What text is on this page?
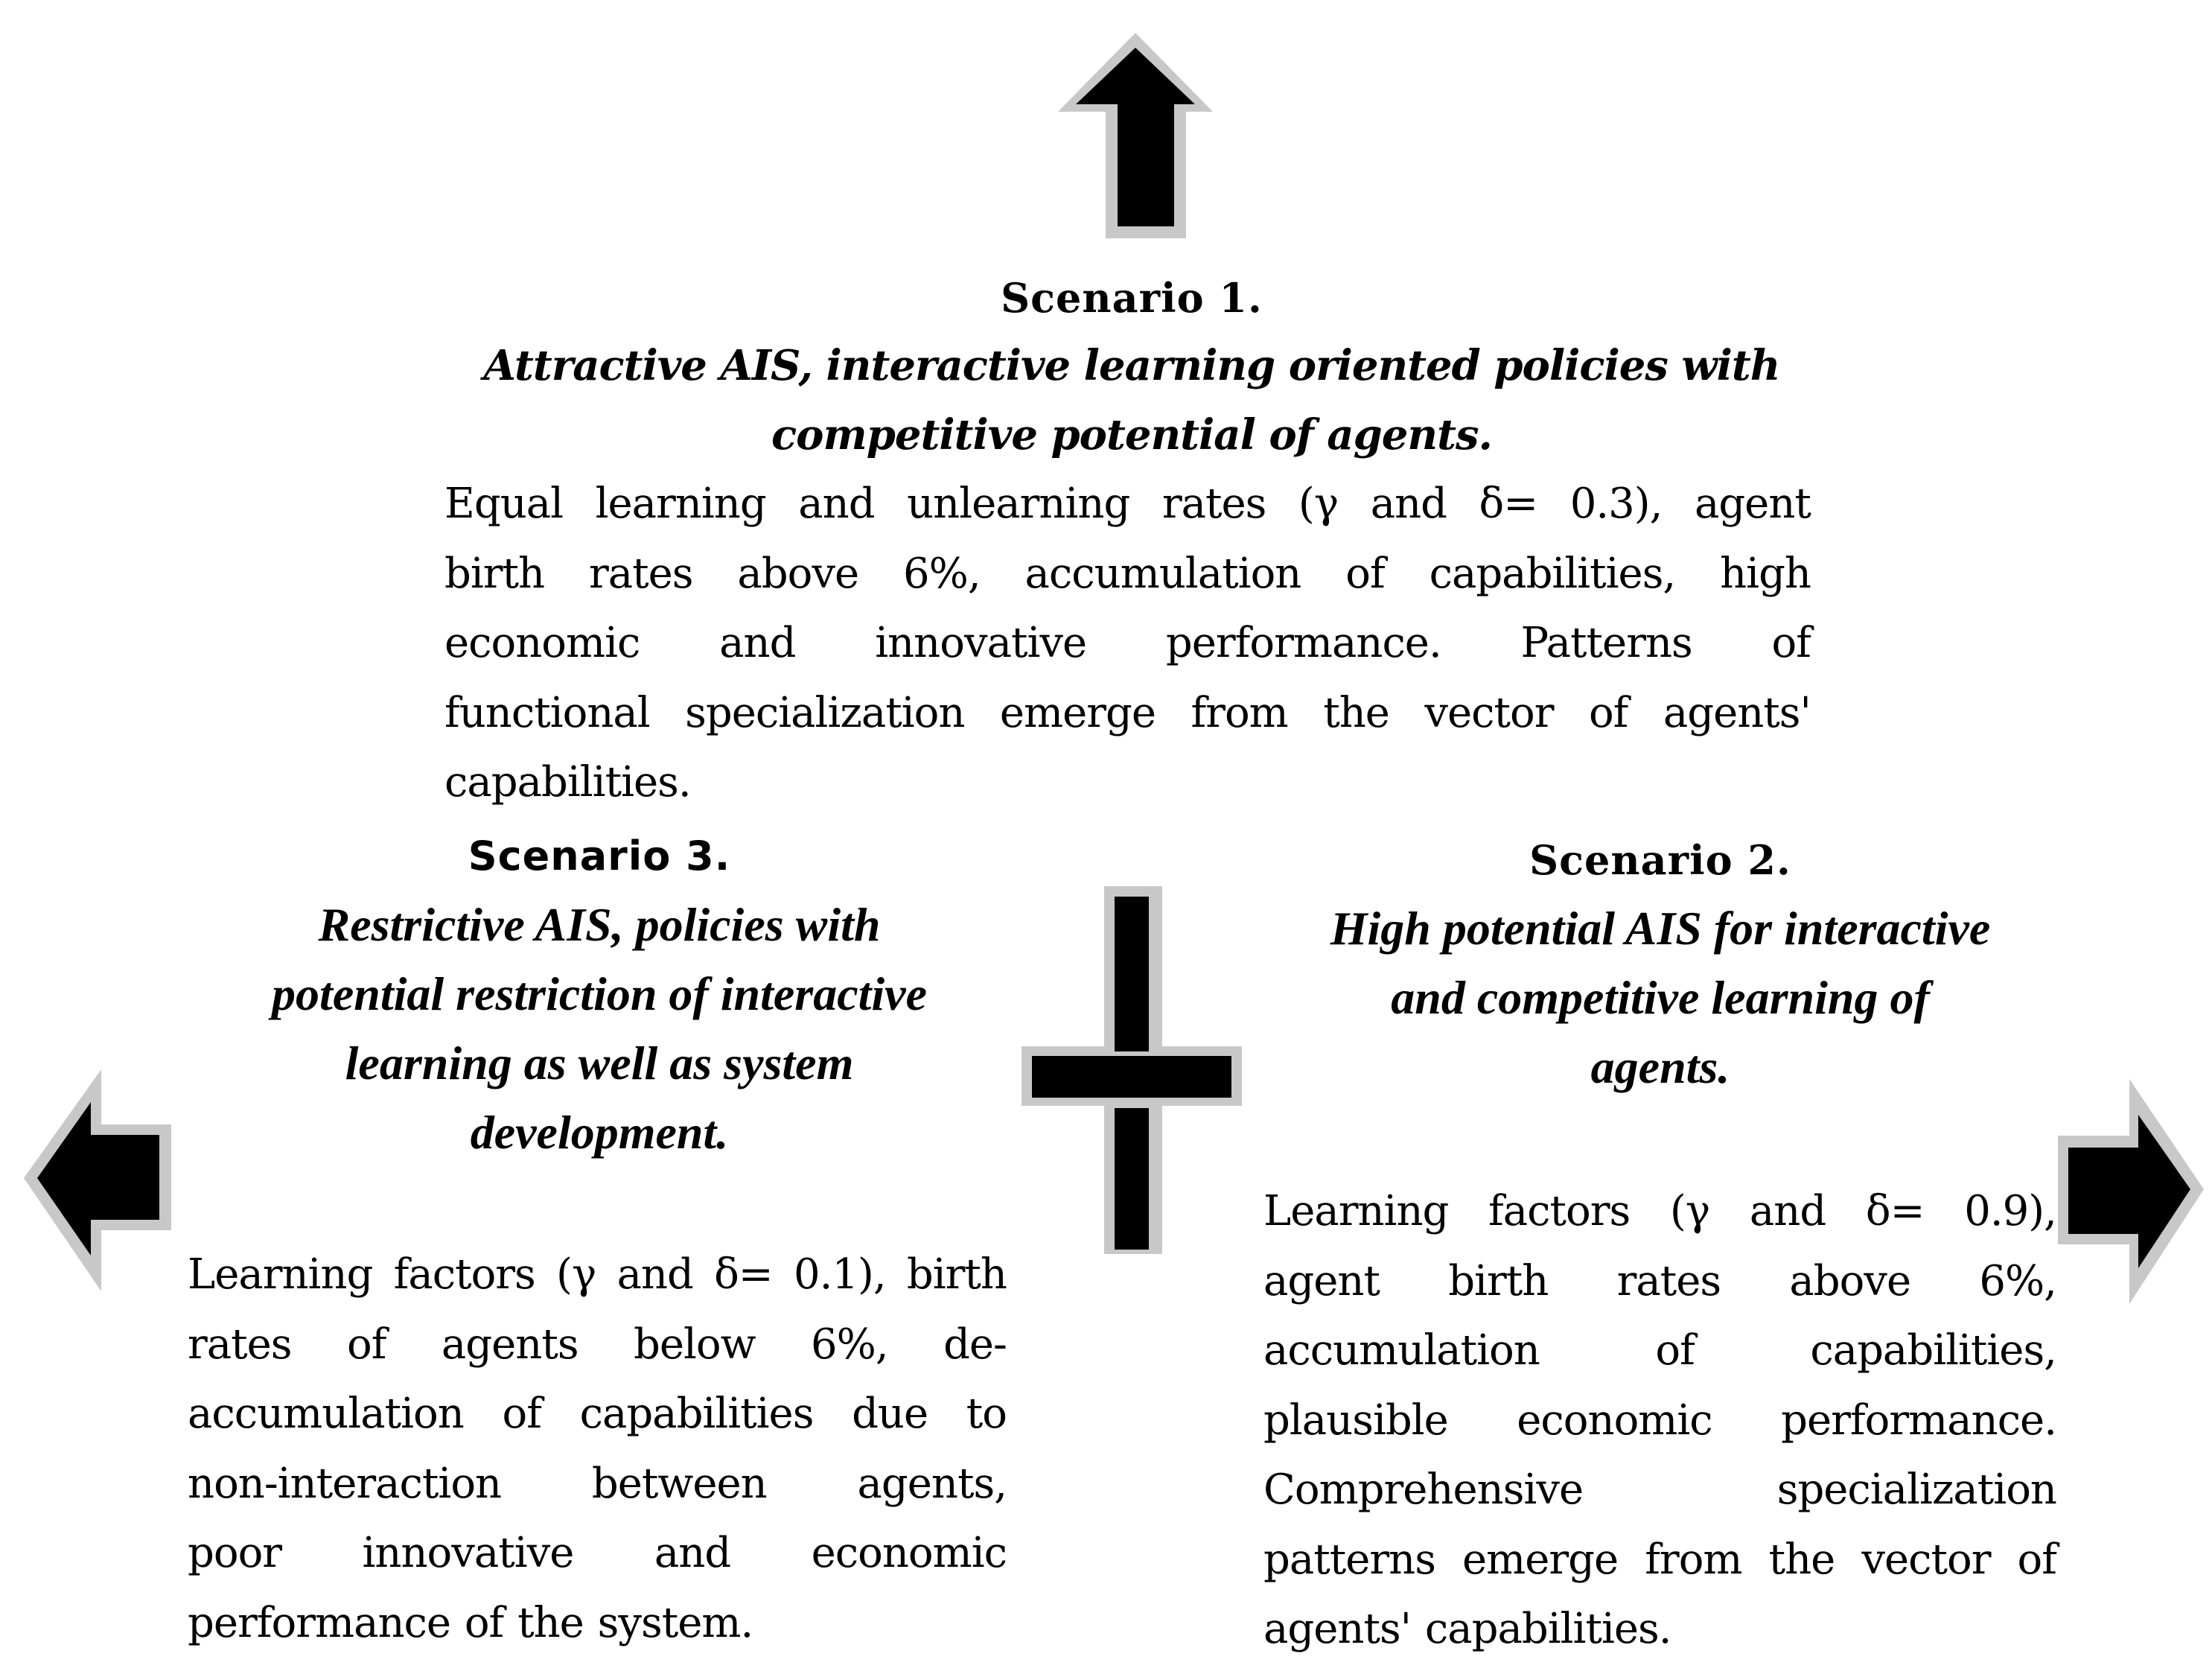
Scenario 1.
Attractive AIS, interactive learning oriented policies with
competitive potential of agents.
Equal learning and unlearning rates (γ and δ= 0.3), agent
birth rates above 6%, accumulation of capabilities, high
economic and innovative performance. Patterns of
functional specialization emerge from the vector of agents'
capabilities.
Scenario 3.
Restrictive AIS, policies with
potential restriction of interactive
learning as well as system
development.
Learning factors (γ and δ= 0.1), birth
rates of agents below 6%, de-
accumulation of capabilities due to
non-interaction between agents,
poor innovative and economic
performance of the system.
Scenario 2.
High potential AIS for interactive
and competitive learning of
agents.
Learning factors (γ and δ= 0.9),
agent birth rates above 6%,
accumulation	of	capabilities,
plausible economic performance.
Comprehensive	specialization
patterns emerge from the vector of
agents' capabilities.
